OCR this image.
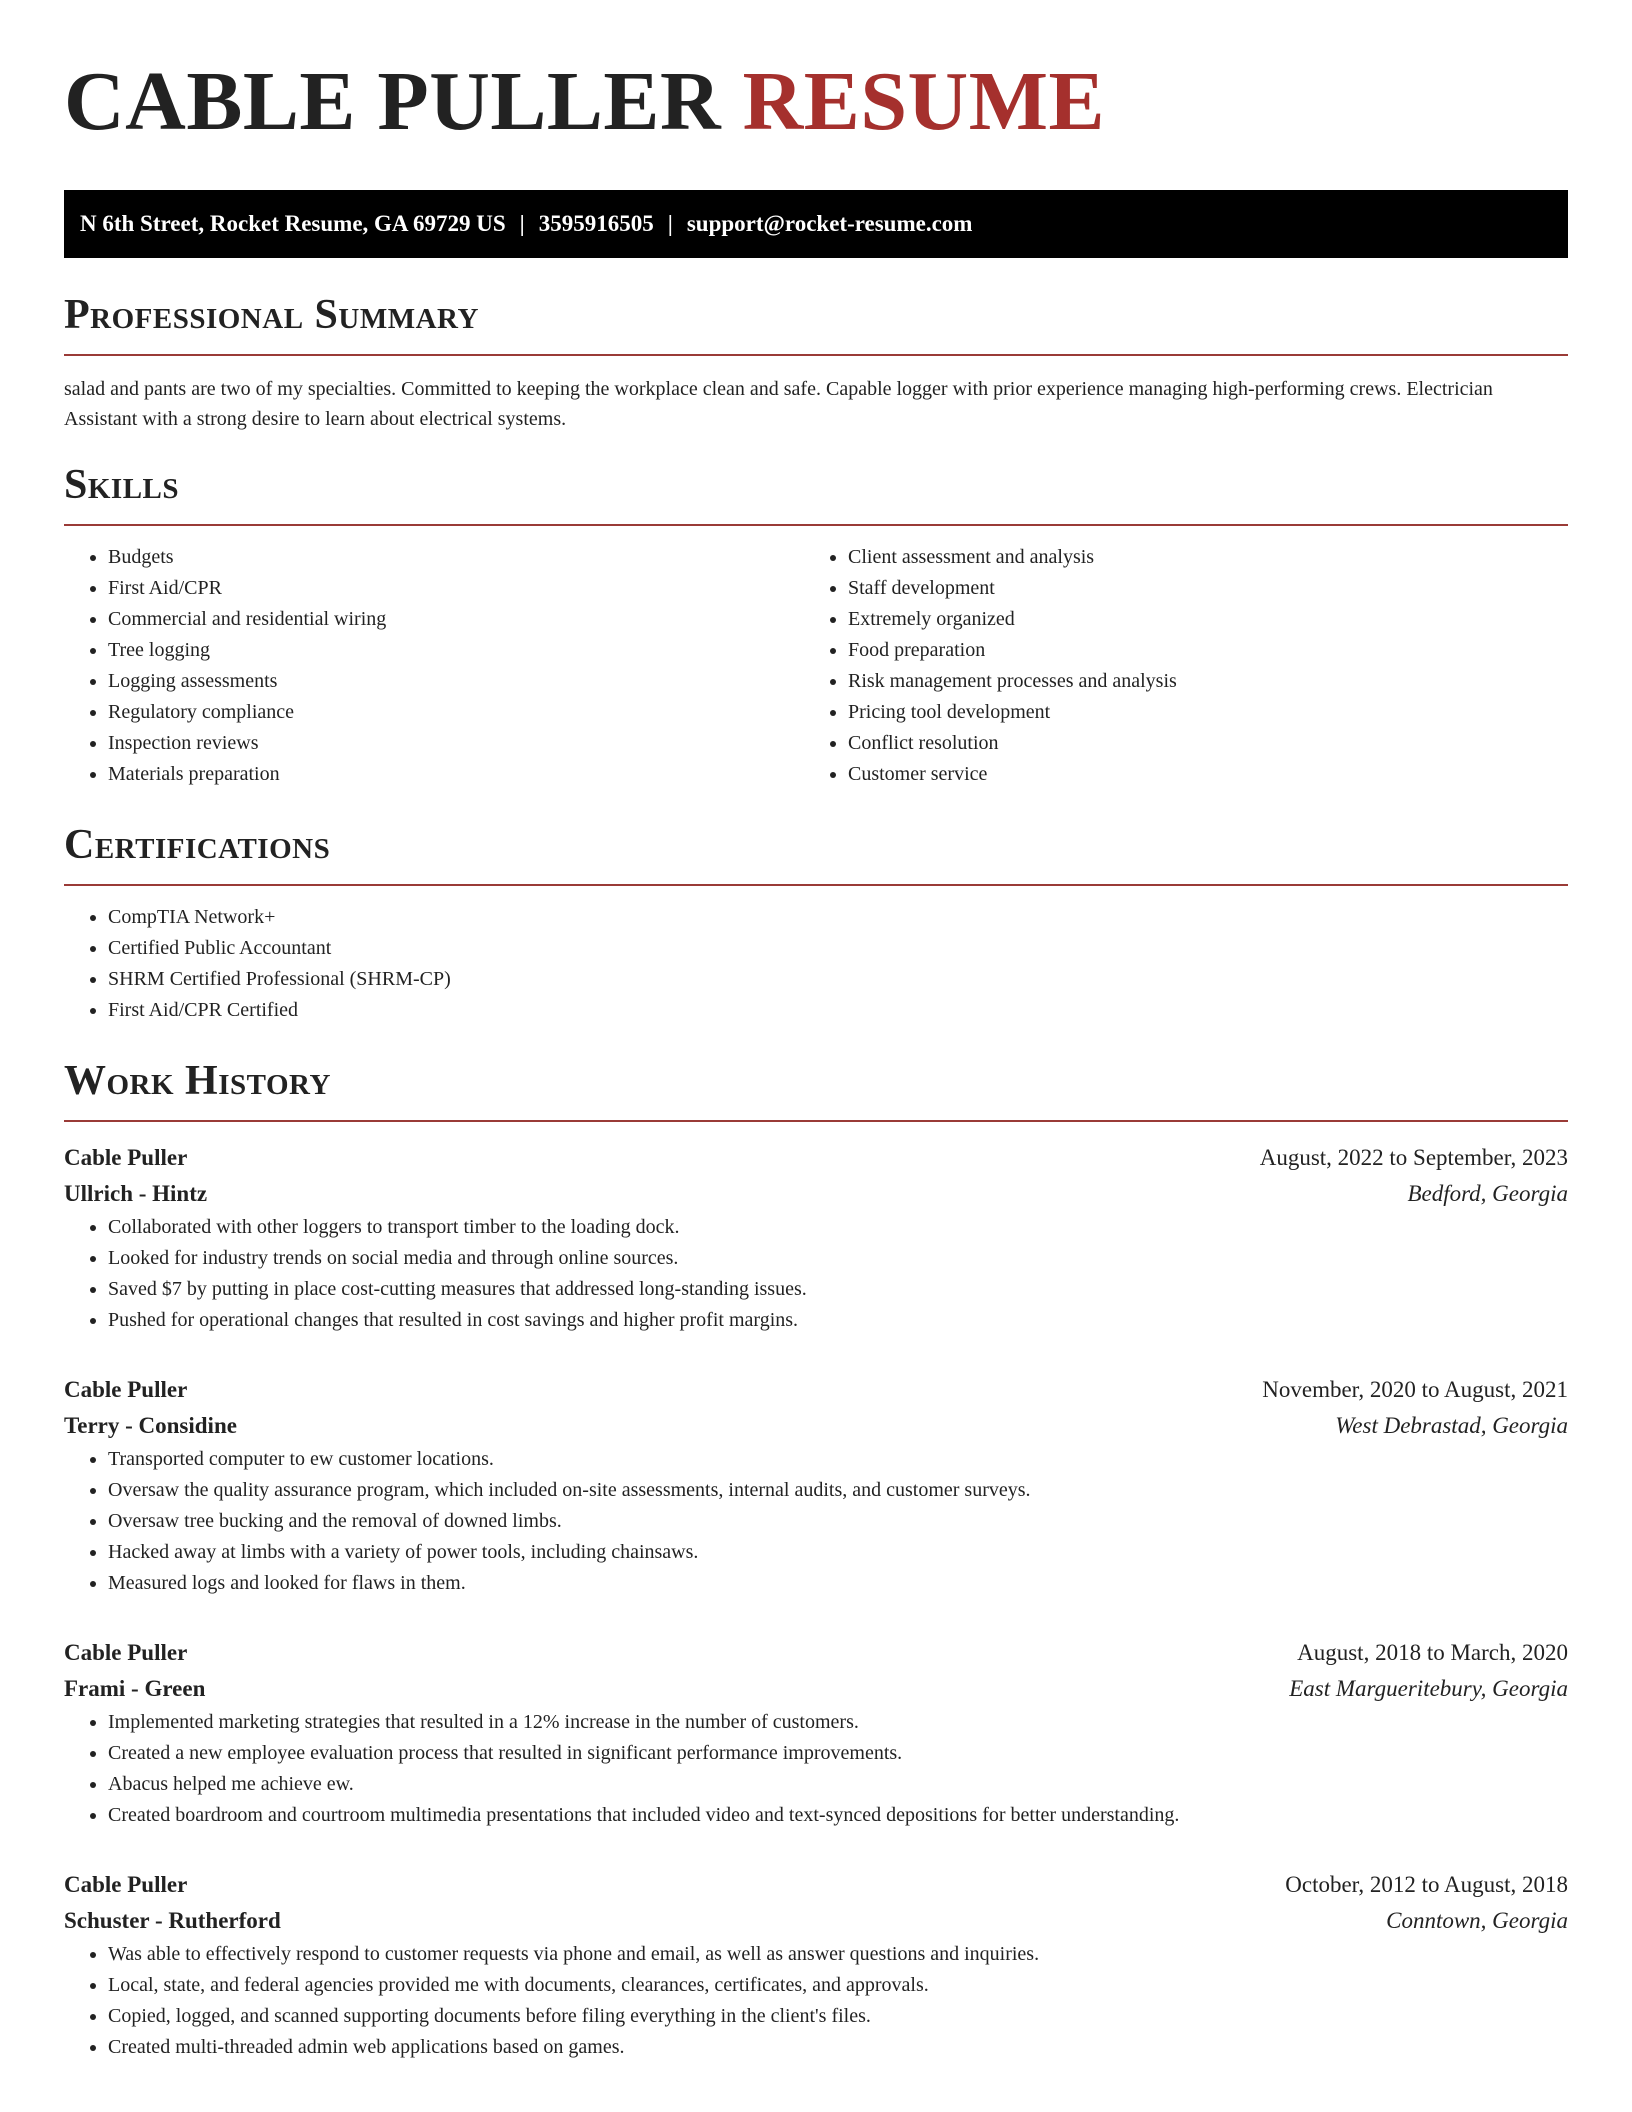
CABLE PULLER RESUME
N 6th Street, Rocket Resume, GA 69729 US | 3595916505 | support@rocket-resume.com
Professional Summary

salad and pants are two of my specialties. Committed to keeping the workplace clean and safe. Capable logger with prior experience managing high-performing crews. Electrician Assistant with a strong desire to learn about electrical systems.

Skills
• Budgets
• First Aid/CPR
• Commercial and residential wiring
• Tree logging
• Logging assessments
• Regulatory compliance
• Inspection reviews
• Materials preparation
• Client assessment and analysis
• Staff development
• Extremely organized
• Food preparation
• Risk management processes and analysis
• Pricing tool development
• Conflict resolution
• Customer service
Certifications
• CompTIA Network+
• Certified Public Accountant
• SHRM Certified Professional (SHRM-CP)
• First Aid/CPR Certified
Work History
Cable Puller	August, 2022 to September, 2023
Ullrich - Hintz	Bedford, Georgia
• Collaborated with other loggers to transport timber to the loading dock.
• Looked for industry trends on social media and through online sources.
• Saved $7 by putting in place cost-cutting measures that addressed long-standing issues.
• Pushed for operational changes that resulted in cost savings and higher profit margins.
Cable Puller	November, 2020 to August, 2021
Terry - Considine	West Debrastad, Georgia
• Transported computer to ew customer locations.
• Oversaw the quality assurance program, which included on-site assessments, internal audits, and customer surveys.
• Oversaw tree bucking and the removal of downed limbs.
• Hacked away at limbs with a variety of power tools, including chainsaws.
• Measured logs and looked for flaws in them.
Cable Puller	August, 2018 to March, 2020
Frami - Green	East Margueritebury, Georgia
• Implemented marketing strategies that resulted in a 12% increase in the number of customers.
• Created a new employee evaluation process that resulted in significant performance improvements.
• Abacus helped me achieve ew.
• Created boardroom and courtroom multimedia presentations that included video and text-synced depositions for better understanding.
Cable Puller	October, 2012 to August, 2018
Schuster - Rutherford	Conntown, Georgia
• Was able to effectively respond to customer requests via phone and email, as well as answer questions and inquiries.
• Local, state, and federal agencies provided me with documents, clearances, certificates, and approvals.
• Copied, logged, and scanned supporting documents before filing everything in the client's files.
• Created multi-threaded admin web applications based on games.
